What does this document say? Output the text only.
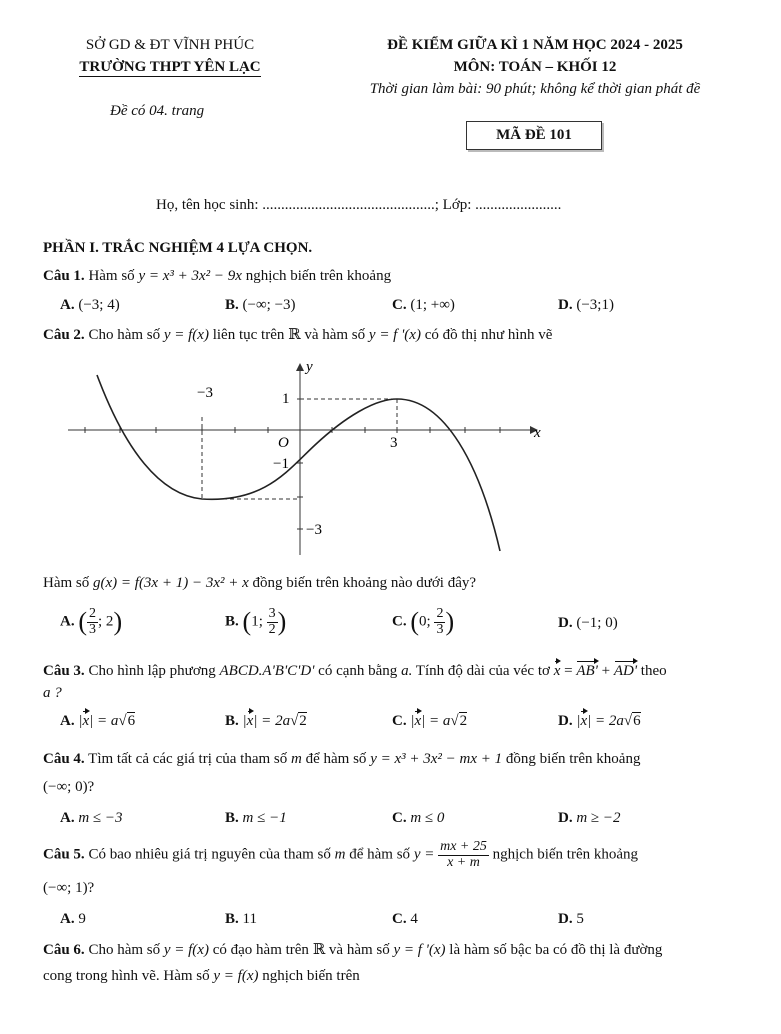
SỞ GD & ĐT VĨNH PHÚC
TRƯỜNG THPT YÊN LẠC
Đề có 04. trang
ĐỀ KIỂM GIỮA KÌ 1 NĂM HỌC 2024 - 2025
MÔN: TOÁN – KHỐI 12
Thời gian làm bài: 90 phút; không kể thời gian phát đề
MÃ ĐỀ 101
Họ, tên học sinh: ..............................................; Lớp: .......................
PHẦN I. TRẮC NGHIỆM 4 LỰA CHỌN.
Câu 1. Hàm số y = x³ + 3x² − 9x nghịch biến trên khoảng
A. (−3; 4)	B. (−∞; −3)	C. (1; +∞)	D. (−3;1)
Câu 2. Cho hàm số y = f(x) liên tục trên ℝ và hàm số y = f '(x) có đồ thị như hình vẽ
−3
3
1
−1
−3
O
x
y
Hàm số g(x) = f(3x + 1) − 3x² + x đồng biến trên khoảng nào dưới đây?
A. ( $\frac{2}{3}$ ; 2)	B. (1; $\frac{3}{2}$ )	C. (0; $\frac{2}{3}$ )	D. (−1; 0)
Câu 3. Cho hình lập phương ABCD.A'B'C'D' có cạnh bằng a. Tính độ dài của véc tơ x = AB' + AD' theo
a ?
A. |x| = a√6	B. |x| = 2a√2	C. |x| = a√2	D. |x| = 2a√6
Câu 4. Tìm tất cả các giá trị của tham số m để hàm số y = x³ + 3x² − mx + 1 đồng biến trên khoảng
(−∞; 0)?
A. m ≤ −3	B. m ≤ −1	C. m ≤ 0	D. m ≥ −2
Câu 5. Có bao nhiêu giá trị nguyên của tham số m để hàm số $y = \frac{mx + 25}{x + m}$ nghịch biến trên khoảng
(−∞; 1)?
A. 9	B. 11	C. 4	D. 5
Câu 6. Cho hàm số y = f(x) có đạo hàm trên ℝ và hàm số y = f '(x) là hàm số bậc ba có đồ thị là đường
cong trong hình vẽ. Hàm số y = f(x) nghịch biến trên
